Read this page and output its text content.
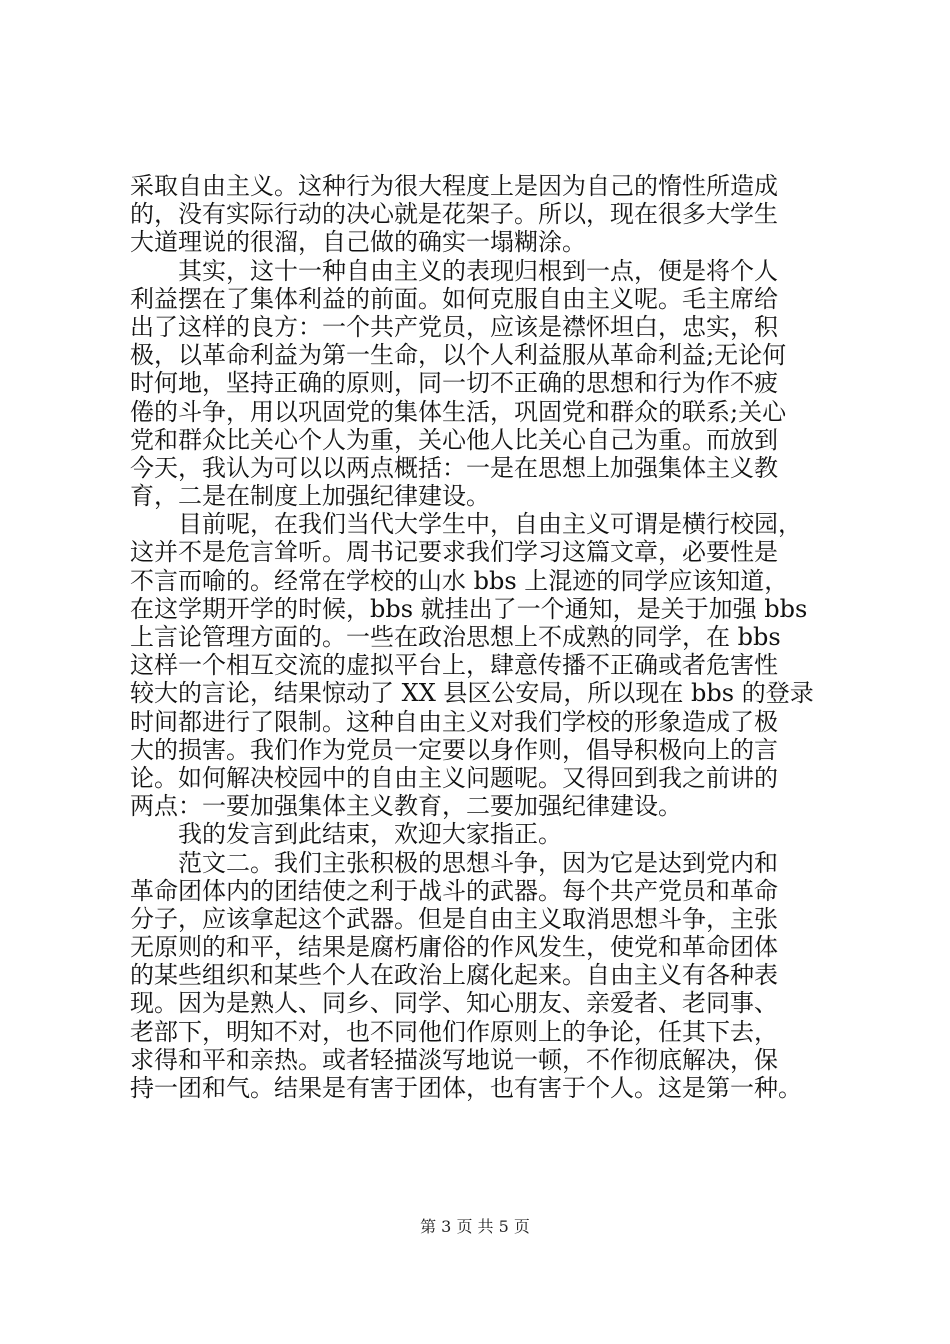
采取自由主义。这种行为很大程度上是因为自己的惰性所造成
的，没有实际行动的决心就是花架子。所以，现在很多大学生
大道理说的很溜，自己做的确实一塌糊涂。
其实，这十一种自由主义的表现归根到一点，便是将个人
利益摆在了集体利益的前面。如何克服自由主义呢。毛主席给
出了这样的良方：一个共产党员，应该是襟怀坦白，忠实，积
极，以革命利益为第一生命，以个人利益服从革命利益;无论何
时何地，坚持正确的原则，同一切不正确的思想和行为作不疲
倦的斗争，用以巩固党的集体生活，巩固党和群众的联系;关心
党和群众比关心个人为重，关心他人比关心自己为重。而放到
今天，我认为可以以两点概括：一是在思想上加强集体主义教
育，二是在制度上加强纪律建设。
目前呢，在我们当代大学生中，自由主义可谓是横行校园，
这并不是危言耸听。周书记要求我们学习这篇文章，必要性是
不言而喻的。经常在学校的山水 bbs 上混迹的同学应该知道，
在这学期开学的时候，bbs 就挂出了一个通知，是关于加强 bbs
上言论管理方面的。一些在政治思想上不成熟的同学，在 bbs
这样一个相互交流的虚拟平台上，肆意传播不正确或者危害性
较大的言论，结果惊动了 XX 县区公安局，所以现在 bbs 的登录
时间都进行了限制。这种自由主义对我们学校的形象造成了极
大的损害。我们作为党员一定要以身作则，倡导积极向上的言
论。如何解决校园中的自由主义问题呢。又得回到我之前讲的
两点：一要加强集体主义教育，二要加强纪律建设。
我的发言到此结束，欢迎大家指正。
范文二。我们主张积极的思想斗争，因为它是达到党内和
革命团体内的团结使之利于战斗的武器。每个共产党员和革命
分子，应该拿起这个武器。但是自由主义取消思想斗争，主张
无原则的和平，结果是腐朽庸俗的作风发生，使党和革命团体
的某些组织和某些个人在政治上腐化起来。自由主义有各种表
现。因为是熟人、同乡、同学、知心朋友、亲爱者、老同事、
老部下，明知不对，也不同他们作原则上的争论，任其下去，
求得和平和亲热。或者轻描淡写地说一顿，不作彻底解决，保
持一团和气。结果是有害于团体，也有害于个人。这是第一种。
第 3 页 共 5 页
